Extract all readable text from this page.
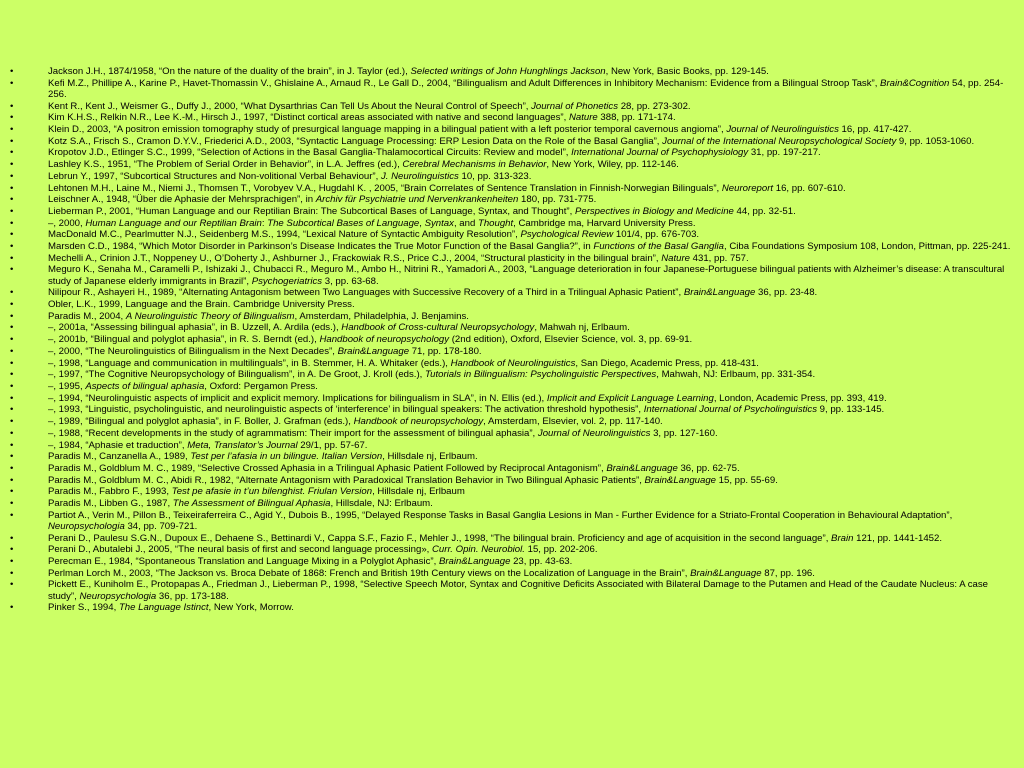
•	Jackson J.H., 1874/1958, “On the nature of the duality of the brain”, in J. Taylor (ed.), Selected writings of John Hunghlings Jackson, New York, Basic Books, pp. 129-145.
•	Kefi M.Z., Phillipe A., Karine P., Havet-Thomassin V., Ghislaine A., Arnaud R., Le Gall D., 2004, “Bilingualism and Adult Differences in Inhibitory Mechanism: Evidence from a Bilingual Stroop Task”, Brain&Cognition 54, pp. 254-256.
•	Kent R., Kent J., Weismer G., Duffy J., 2000, “What Dysarthrias Can Tell Us About the Neural Control of Speech”, Journal of Phonetics 28, pp. 273-302.
•	Kim K.H.S., Relkin N.R., Lee K.-M., Hirsch J., 1997, “Distinct cortical areas associated with native and second languages”, Nature 388, pp. 171-174.
•	Klein D., 2003, “A positron emission tomography study of presurgical language mapping in a bilingual patient with a left posterior temporal cavernous angioma”, Journal of Neurolinguistics 16, pp. 417-427.
•	Kotz S.A., Frisch S., Cramon D.Y.V., Friederici A.D., 2003, “Syntactic Language Processing: ERP Lesion Data on the Role of the Basal Ganglia”, Journal of the International Neuropsychological Society 9, pp. 1053-1060.
•	Kropotov J.D., Etlinger S.C., 1999, “Selection of Actions in the Basal Ganglia-Thalamocortical Circuits: Review and model”, International Journal of Psychophysiology 31, pp. 197-217.
•	Lashley K.S., 1951, “The Problem of Serial Order in Behavior”, in L.A. Jeffres (ed.), Cerebral Mechanisms in Behavior, New York, Wiley, pp. 112-146.
•	Lebrun Y., 1997, “Subcortical Structures and Non-volitional Verbal Behaviour”, J. Neurolinguistics 10, pp. 313-323.
•	Lehtonen M.H., Laine M., Niemi J., Thomsen T., Vorobyev V.A., Hugdahl K. , 2005, “Brain Correlates of Sentence Translation in Finnish-Norwegian Bilinguals”, Neuroreport 16, pp. 607-610.
•	Leischner A., 1948, “Über die Aphasie der Mehrsprachigen”, in Archiv für Psychiatrie und Nervenkrankenheiten 180, pp. 731-775.
•	Lieberman P., 2001, “Human Language and our Reptilian Brain: The Subcortical Bases of Language, Syntax, and Thought”, Perspectives in Biology and Medicine 44, pp. 32-51.
•	–, 2000, Human Language and our Reptilian Brain: The Subcortical Bases of Language, Syntax, and Thought, Cambridge ma, Harvard University Press.
•	MacDonald M.C., Pearlmutter N.J., Seidenberg M.S., 1994, “Lexical Nature of Syntactic Ambiguity Resolution”, Psychological Review 101/4, pp. 676-703.
•	Marsden C.D., 1984, “Which Motor Disorder in Parkinson’s Disease Indicates the True Motor Function of the Basal Ganglia?”, in Functions of the Basal Ganglia, Ciba Foundations Symposium 108, London, Pittman, pp. 225-241.
•	Mechelli A., Crinion J.T., Noppeney U., O’Doherty J., Ashburner J., Frackowiak R.S., Price C.J., 2004, “Structural plasticity in the bilingual brain”, Nature 431, pp. 757.
•	Meguro K., Senaha M., Caramelli P., Ishizaki J., Chubacci R., Meguro M., Ambo H., Nitrini R., Yamadori A., 2003, “Language deterioration in four Japanese-Portuguese bilingual patients with Alzheimer’s disease: A transcultural study of Japanese elderly immigrants in Brazil”, Psychogeriatrics 3, pp. 63-68.
•	Nilipour R., Ashayeri H., 1989, “Alternating Antagonism between Two Languages with Successive Recovery of a Third in a Trilingual Aphasic Patient”, Brain&Language 36, pp. 23-48.
•	Obler, L.K., 1999, Language and the Brain. Cambridge University Press.
•	Paradis M., 2004, A Neurolinguistic Theory of Bilingualism, Amsterdam, Philadelphia, J. Benjamins.
•	–, 2001a, “Assessing bilingual aphasia”, in B. Uzzell, A. Ardila (eds.), Handbook of Cross-cultural Neuropsychology, Mahwah nj, Erlbaum.
•	–, 2001b, “Bilingual and polyglot aphasia”, in R. S. Berndt (ed.), Handbook of neuropsychology (2nd edition), Oxford, Elsevier Science, vol. 3, pp. 69-91.
•	–, 2000, “The Neurolinguistics of Bilingualism in the Next Decades”, Brain&Language 71, pp. 178-180.
•	–, 1998, “Language and communication in multilinguals”, in B. Stemmer, H. A. Whitaker (eds.), Handbook of Neurolinguistics, San Diego, Academic Press, pp. 418-431.
•	–, 1997, “The Cognitive Neuropsychology of Bilingualism”, in A. De Groot, J. Kroll (eds.), Tutorials in Bilingualism: Psycholinguistic Perspectives, Mahwah, NJ: Erlbaum, pp. 331-354.
•	–, 1995, Aspects of bilingual aphasia, Oxford: Pergamon Press.
•	–, 1994, “Neurolinguistic aspects of implicit and explicit memory. Implications for bilingualism in SLA”, in N. Ellis (ed.), Implicit and Explicit Language Learning, London, Academic Press, pp. 393, 419.
•	–, 1993, “Linguistic, psycholinguistic, and neurolinguistic aspects of ‘interference’ in bilingual speakers: The activation threshold hypothesis”, International Journal of Psycholinguistics 9, pp. 133-145.
•	–, 1989, “Bilingual and polyglot aphasia”, in F. Boller, J. Grafman (eds.), Handbook of neuropsychology, Amsterdam, Elsevier, vol. 2, pp. 117-140.
•	–, 1988, “Recent developments in the study of agrammatism: Their import for the assessment of bilingual aphasia”, Journal of Neurolinguistics 3, pp. 127-160.
•	–, 1984, “Aphasie et traduction”, Meta, Translator’s Journal 29/1, pp. 57-67.
•	Paradis M., Canzanella A., 1989, Test per l’afasia in un bilingue. Italian Version, Hillsdale nj, Erlbaum.
•	Paradis M., Goldblum M. C., 1989, “Selective Crossed Aphasia in a Trilingual Aphasic Patient Followed by Reciprocal Antagonism”, Brain&Language 36, pp. 62-75.
•	Paradis M., Goldblum M. C., Abidi R., 1982, “Alternate Antagonism with Paradoxical Translation Behavior in Two Bilingual Aphasic Patients”, Brain&Language 15, pp. 55-69.
•	Paradis M., Fabbro F., 1993, Test pe afasie in t’un bilenghist. Friulan Version, Hillsdale nj, Erlbaum
•	Paradis M., Libben G., 1987, The Assessment of Bilingual Aphasia, Hillsdale, NJ: Erlbaum.
•	Partiot A., Verin M., Pillon B., Teixeiraferreira C., Agid Y., Dubois B., 1995, “Delayed Response Tasks in Basal Ganglia Lesions in Man - Further Evidence for a Striato-Frontal Cooperation in Behavioural Adaptation”, Neuropsychologia 34, pp. 709-721.
•	Perani D., Paulesu S.G.N., Dupoux E., Dehaene S., Bettinardi V., Cappa S.F., Fazio F., Mehler J., 1998, “The bilingual brain. Proficiency and age of acquisition in the second language”, Brain 121, pp. 1441-1452.
•	Perani D., Abutalebi J., 2005, “The neural basis of first and second language processing», Curr. Opin. Neurobiol. 15, pp. 202-206.
•	Perecman E., 1984, “Spontaneous Translation and Language Mixing in a Polyglot Aphasic”, Brain&Language 23, pp. 43-63.
•	Perlman Lorch M., 2003, “The Jackson vs. Broca Debate of 1868: French and British 19th Century views on the Localization of Language in the Brain”, Brain&Language 87, pp. 196.
•	Pickett E., Kuniholm E., Protopapas A., Friedman J., Lieberman P., 1998, “Selective Speech Motor, Syntax and Cognitive Deficits Associated with Bilateral Damage to the Putamen and Head of the Caudate Nucleus: A case study”, Neuropsychologia 36, pp. 173-188.
•	Pinker S., 1994, The Language Istinct, New York, Morrow.
